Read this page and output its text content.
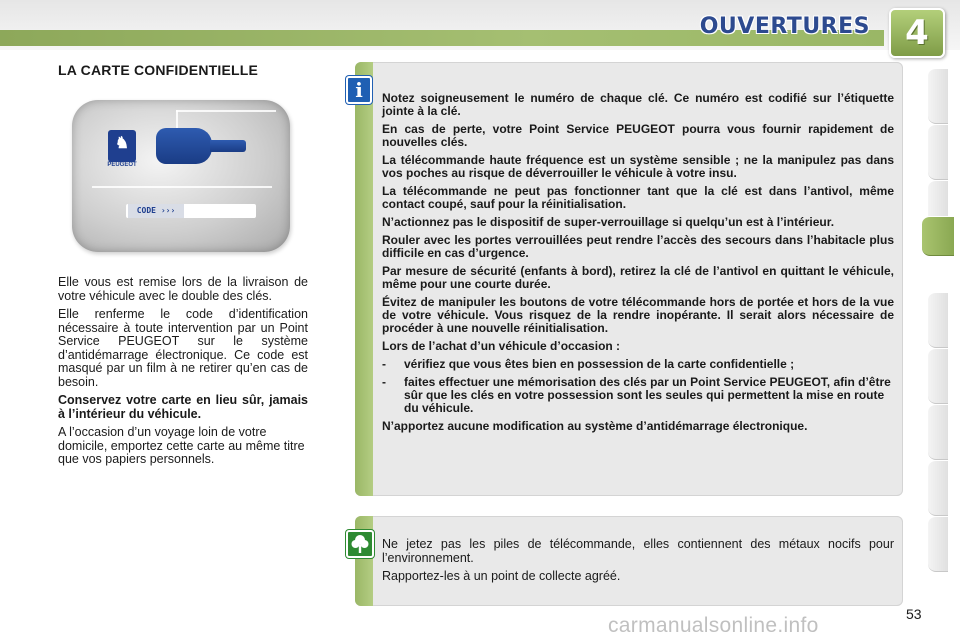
OUVERTURES	4
LA CARTE CONFIDENTIELLE
♞
PEUGEOT
CODE ›››

Elle vous est remise lors de la livraison de votre véhicule avec le double des clés.

Elle renferme le code d’identification nécessaire à toute intervention par un Point Service PEUGEOT sur le système d’antidémarrage électronique. Ce code est masqué par un film à ne retirer qu’en cas de besoin.

Conservez votre carte en lieu sûr, jamais à l’intérieur du véhicule.

A l’occasion d’un voyage loin de votre domicile, emportez cette carte au même titre que vos papiers personnels.

i	Notez soigneusement le numéro de chaque clé. Ce numéro est codifié sur l’étiquette jointe à la clé.

En cas de perte, votre Point Service PEUGEOT pourra vous fournir rapidement de nouvelles clés.

La télécommande haute fréquence est un système sensible ; ne la manipulez pas dans vos poches au risque de déverrouiller le véhicule à votre insu.

La télécommande ne peut pas fonctionner tant que la clé est dans l’antivol, même contact coupé, sauf pour la réinitialisation.

N’actionnez pas le dispositif de super-verrouillage si quelqu’un est à l’intérieur.

Rouler avec les portes verrouillées peut rendre l’accès des secours dans l’habitacle plus difficile en cas d’urgence.

Par mesure de sécurité (enfants à bord), retirez la clé de l’antivol en quittant le véhicule, même pour une courte durée.

Évitez de manipuler les boutons de votre télécommande hors de portée et hors de la vue de votre véhicule. Vous risquez de la rendre inopérante. Il serait alors nécessaire de procéder à une nouvelle réinitialisation.

Lors de l’achat d’un véhicule d’occasion :

-	vérifiez que vous êtes bien en possession de la carte confidentielle ;
-	faites effectuer une mémorisation des clés par un Point Service PEUGEOT, afin d’être sûr que les clés en votre possession sont les seules qui permettent la mise en route du véhicule.

N’apportez aucune modification au système d’antidémarrage électronique.

Ne jetez pas les piles de télécommande, elles contiennent des métaux nocifs pour l’environnement.

Rapportez-les à un point de collecte agréé.

53
carmanualsonline.info
